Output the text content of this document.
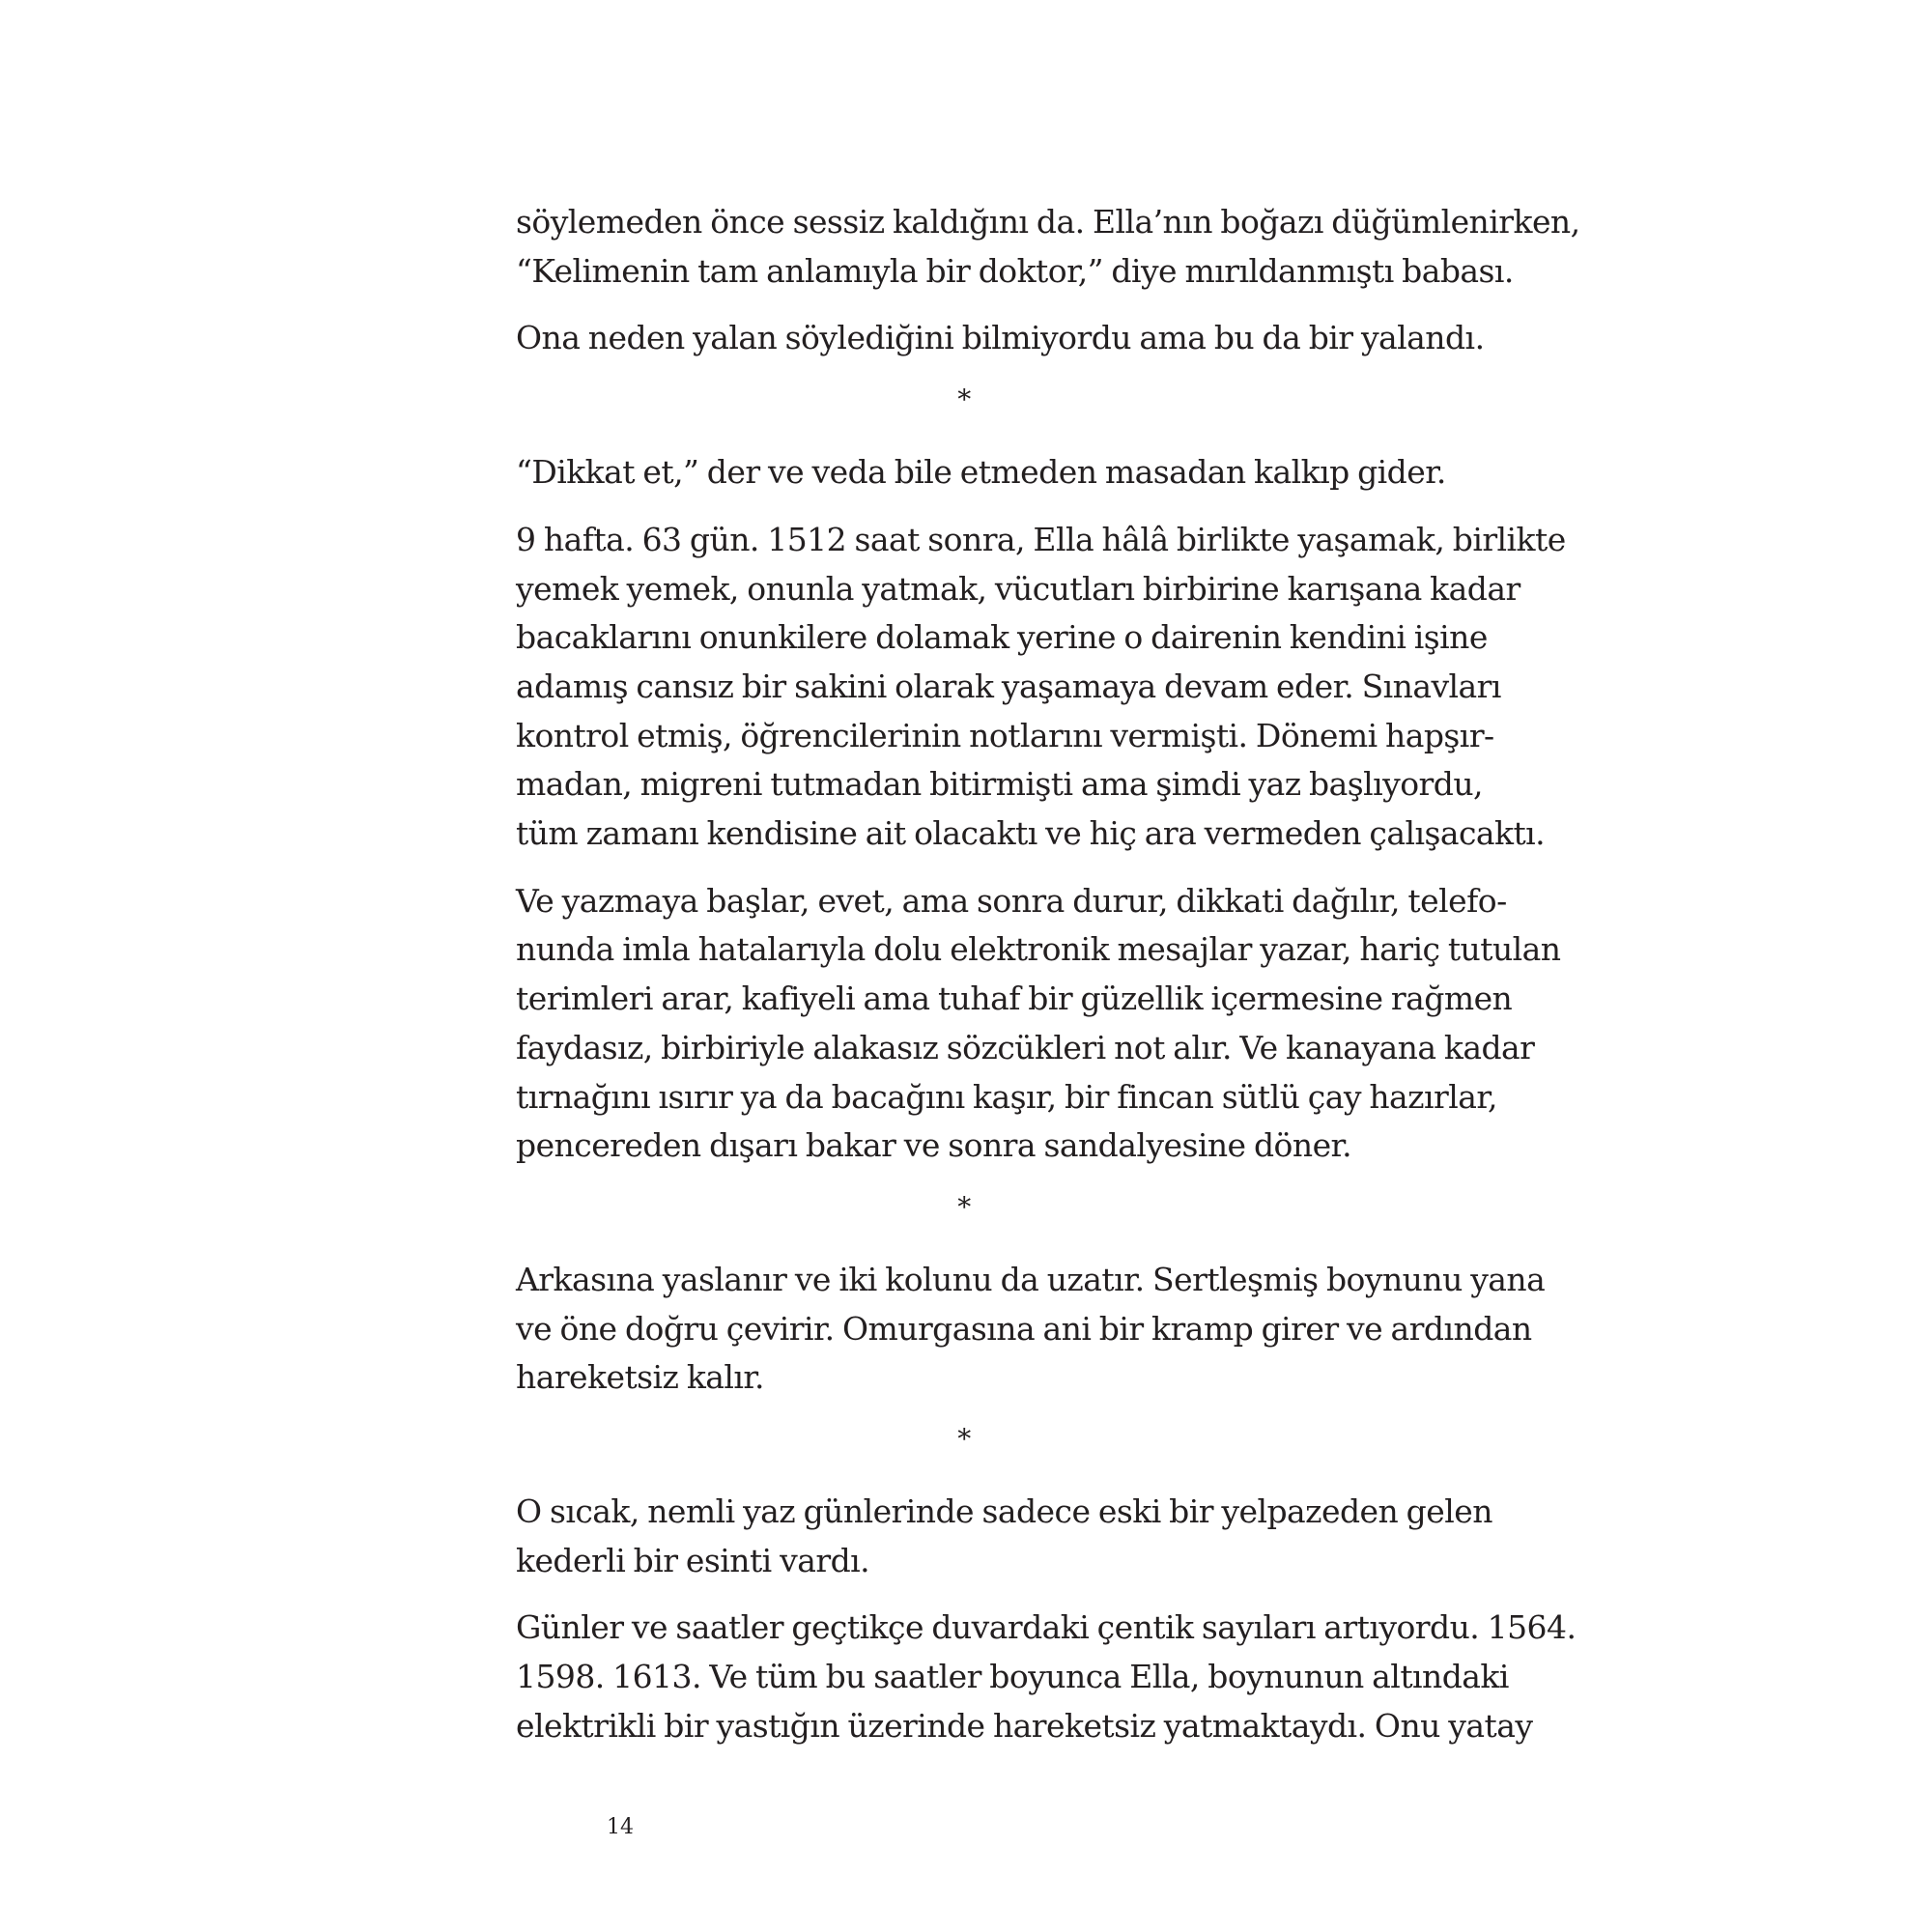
söylemeden önce sessiz kaldığını da. Ella’nın boğazı düğümlenirken,
“Kelimenin tam anlamıyla bir doktor,” diye mırıldanmıştı babası.
Ona neden yalan söylediğini bilmiyordu ama bu da bir yalandı.
*
“Dikkat et,” der ve veda bile etmeden masadan kalkıp gider.
9 hafta. 63 gün. 1512 saat sonra, Ella hâlâ birlikte yaşamak, birlikte
yemek yemek, onunla yatmak, vücutları birbirine karışana kadar
bacaklarını onunkilere dolamak yerine o dairenin kendini işine
adamış cansız bir sakini olarak yaşamaya devam eder. Sınavları
kontrol etmiş, öğrencilerinin notlarını vermişti. Dönemi hapşır-
madan, migreni tutmadan bitirmişti ama şimdi yaz başlıyordu,
tüm zamanı kendisine ait olacaktı ve hiç ara vermeden çalışacaktı.
Ve yazmaya başlar, evet, ama sonra durur, dikkati dağılır, telefo-
nunda imla hatalarıyla dolu elektronik mesajlar yazar, hariç tutulan
terimleri arar, kafiyeli ama tuhaf bir güzellik içermesine rağmen
faydasız, birbiriyle alakasız sözcükleri not alır. Ve kanayana kadar
tırnağını ısırır ya da bacağını kaşır, bir fincan sütlü çay hazırlar,
pencereden dışarı bakar ve sonra sandalyesine döner.
*
Arkasına yaslanır ve iki kolunu da uzatır. Sertleşmiş boynunu yana
ve öne doğru çevirir. Omurgasına ani bir kramp girer ve ardından
hareketsiz kalır.
*
O sıcak, nemli yaz günlerinde sadece eski bir yelpazeden gelen
kederli bir esinti vardı.
Günler ve saatler geçtikçe duvardaki çentik sayıları artıyordu. 1564.
1598. 1613. Ve tüm bu saatler boyunca Ella, boynunun altındaki
elektrikli bir yastığın üzerinde hareketsiz yatmaktaydı. Onu yatay
14
